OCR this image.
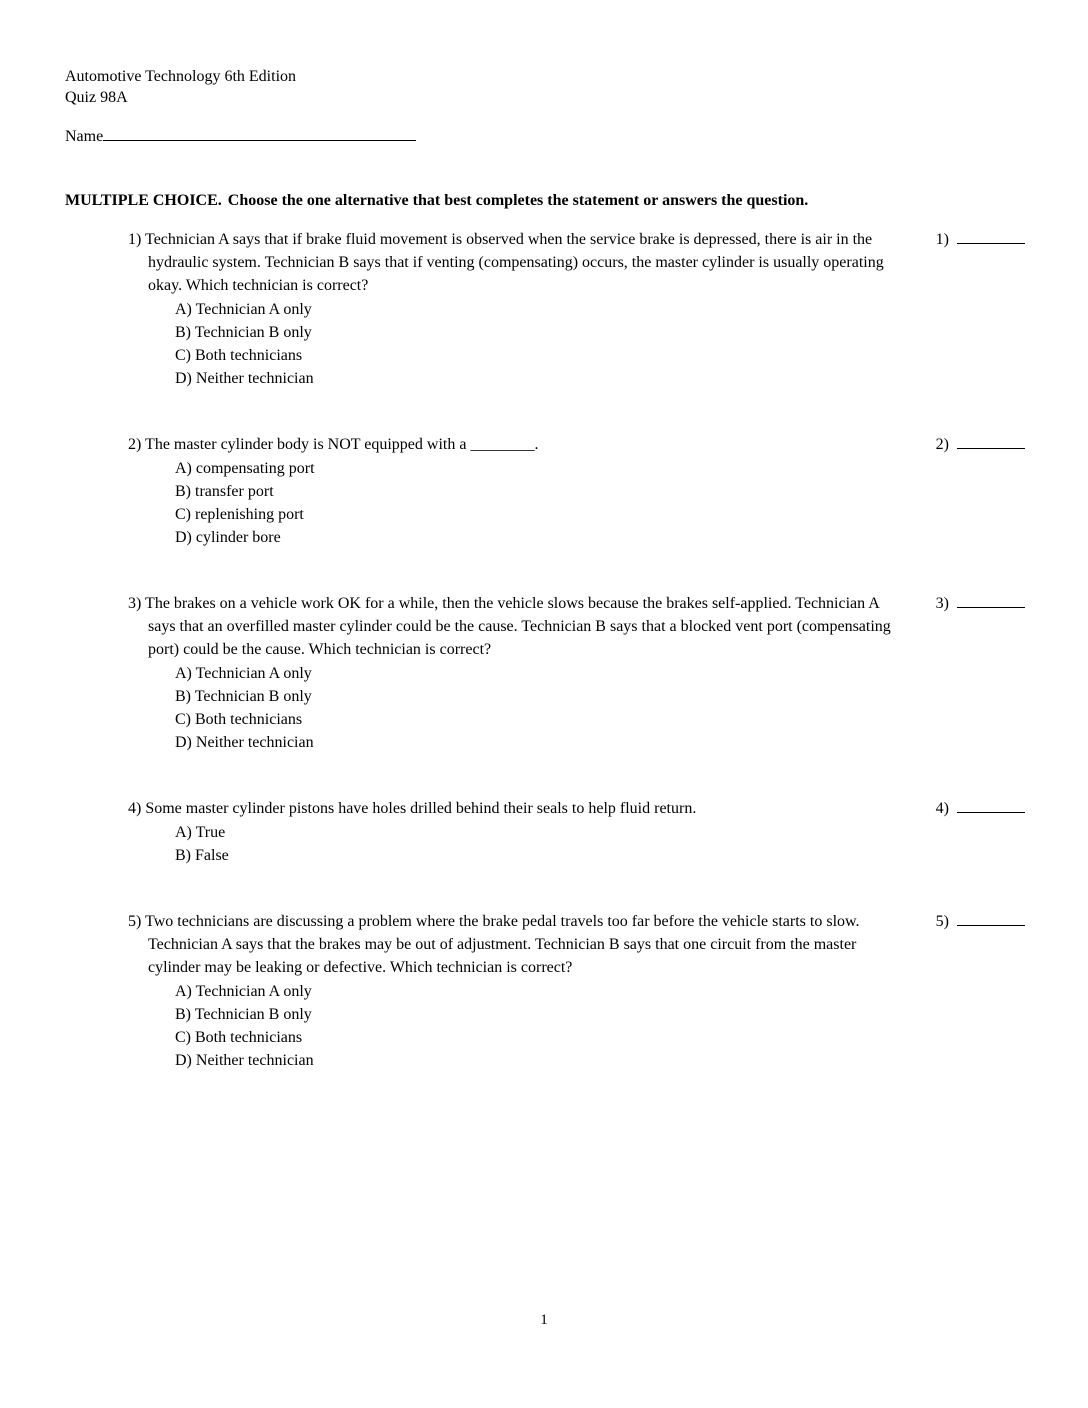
Automotive Technology 6th Edition
Quiz 98A
Name
MULTIPLE CHOICE. Choose the one alternative that best completes the statement or answers the question.

1) Technician A says that if brake fluid movement is observed when the service brake is depressed, there is air in the hydraulic system. Technician B says that if venting (compensating) occurs, the master cylinder is usually operating okay. Which technician is correct?

A) Technician A only
B) Technician B only
C) Both technicians
D) Neither technician
1)

2) The master cylinder body is NOT equipped with a ________.

A) compensating port
B) transfer port
C) replenishing port
D) cylinder bore
2)

3) The brakes on a vehicle work OK for a while, then the vehicle slows because the brakes self-applied. Technician A says that an overfilled master cylinder could be the cause. Technician B says that a blocked vent port (compensating port) could be the cause. Which technician is correct?

A) Technician A only
B) Technician B only
C) Both technicians
D) Neither technician
3)

4) Some master cylinder pistons have holes drilled behind their seals to help fluid return.

A) True
B) False
4)

5) Two technicians are discussing a problem where the brake pedal travels too far before the vehicle starts to slow. Technician A says that the brakes may be out of adjustment. Technician B says that one circuit from the master cylinder may be leaking or defective. Which technician is correct?

A) Technician A only
B) Technician B only
C) Both technicians
D) Neither technician
5)
1
